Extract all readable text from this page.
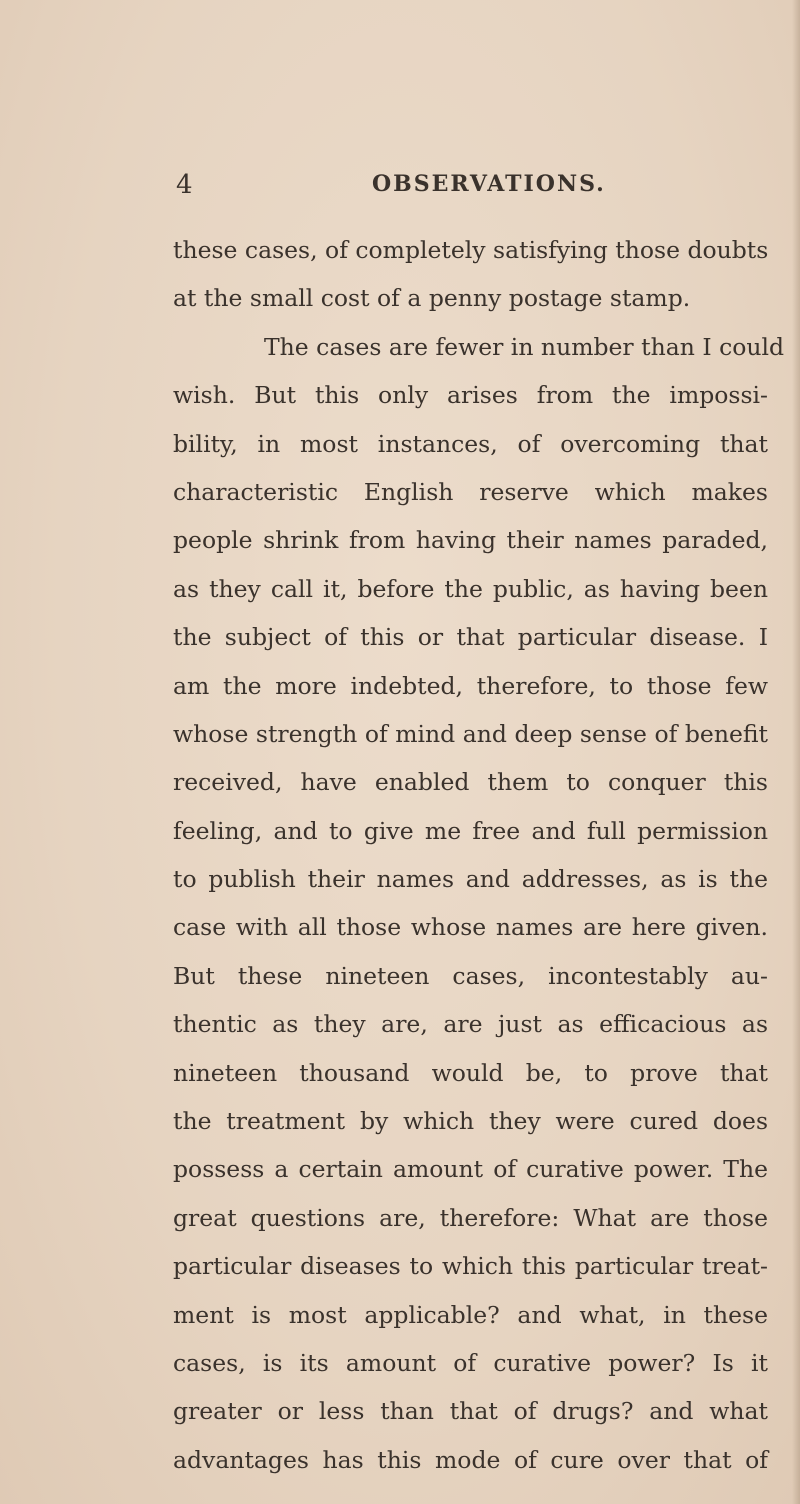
4	OBSERVATIONS.
these cases, of completely satisfying those doubts
at the small cost of a penny postage stamp.
The cases are fewer in number than I could
wish. But this only arises from the impossi-
bility, in most instances, of overcoming that
characteristic English reserve which makes
people shrink from having their names paraded,
as they call it, before the public, as having been
the subject of this or that particular disease. I
am the more indebted, therefore, to those few
whose strength of mind and deep sense of benefit
received, have enabled them to conquer this
feeling, and to give me free and full permission
to publish their names and addresses, as is the
case with all those whose names are here given.
But these nineteen cases, incontestably au-
thentic as they are, are just as efficacious as
nineteen thousand would be, to prove that
the treatment by which they were cured does
possess a certain amount of curative power. The
great questions are, therefore: What are those
particular diseases to which this particular treat-
ment is most applicable? and what, in these
cases, is its amount of curative power? Is it
greater or less than that of drugs? and what
advantages has this mode of cure over that of
